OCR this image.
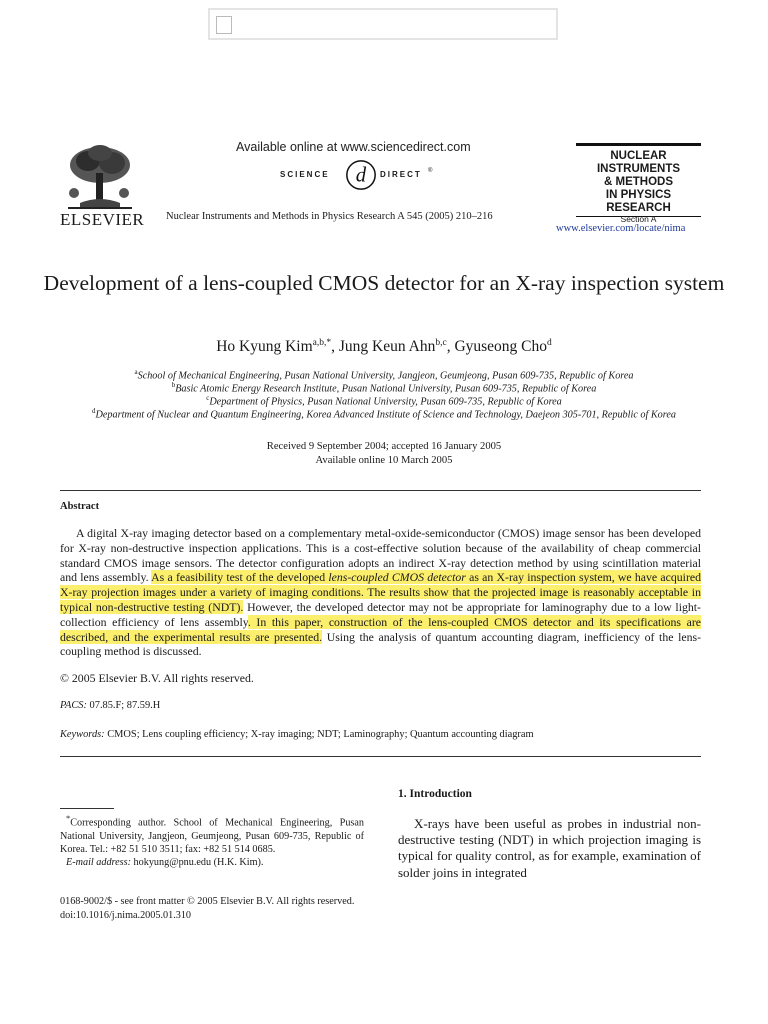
ELSEVIER
Available online at www.sciencedirect.com
SCIENCE d DIRECT ®
Nuclear Instruments and Methods in Physics Research A 545 (2005) 210–216
NUCLEAR
INSTRUMENTS
& METHODS
IN PHYSICS
RESEARCH
Section A
www.elsevier.com/locate/nima
Development of a lens-coupled CMOS detector for an X-ray inspection system
Ho Kyung Kim$^{a,b,*}$, Jung Keun Ahn$^{b,c}$, Gyuseong Cho$^d$
$^a$School of Mechanical Engineering, Pusan National University, Jangjeon, Geumjeong, Pusan 609-735, Republic of Korea
$^b$Basic Atomic Energy Research Institute, Pusan National University, Pusan 609-735, Republic of Korea
$^c$Department of Physics, Pusan National University, Pusan 609-735, Republic of Korea
$^d$Department of Nuclear and Quantum Engineering, Korea Advanced Institute of Science and Technology, Daejeon 305-701, Republic of Korea
Received 9 September 2004; accepted 16 January 2005
Available online 10 March 2005
Abstract

A digital X-ray imaging detector based on a complementary metal-oxide-semiconductor (CMOS) image sensor has been developed for X-ray non-destructive inspection applications. This is a cost-effective solution because of the availability of cheap commercial standard CMOS image sensors. The detector configuration adopts an indirect X-ray detection method by using scintillation material and lens assembly. As a feasibility test of the developed lens-coupled CMOS detector as an X-ray inspection system, we have acquired X-ray projection images under a variety of imaging conditions. The results show that the projected image is reasonably acceptable in typical non-destructive testing (NDT). However, the developed detector may not be appropriate for laminography due to a low light-collection efficiency of lens assembly. In this paper, construction of the lens-coupled CMOS detector and its specifications are described, and the experimental results are presented. Using the analysis of quantum accounting diagram, inefficiency of the lens-coupling method is discussed.

© 2005 Elsevier B.V. All rights reserved.
PACS: 07.85.F; 87.59.H
Keywords: CMOS; Lens coupling efficiency; X-ray imaging; NDT; Laminography; Quantum accounting diagram
1. Introduction

X-rays have been useful as probes in industrial non-destructive testing (NDT) in which projection imaging is typical for quality control, as for example, examination of solder joins in integrated

*Corresponding author. School of Mechanical Engineering, Pusan National University, Jangjeon, Geumjeong, Pusan 609-735, Republic of Korea. Tel.: +82 51 510 3511; fax: +82 51 514 0685.

E-mail address: hokyung@pnu.edu (H.K. Kim).

0168-9002/$ - see front matter © 2005 Elsevier B.V. All rights reserved.
doi:10.1016/j.nima.2005.01.310
